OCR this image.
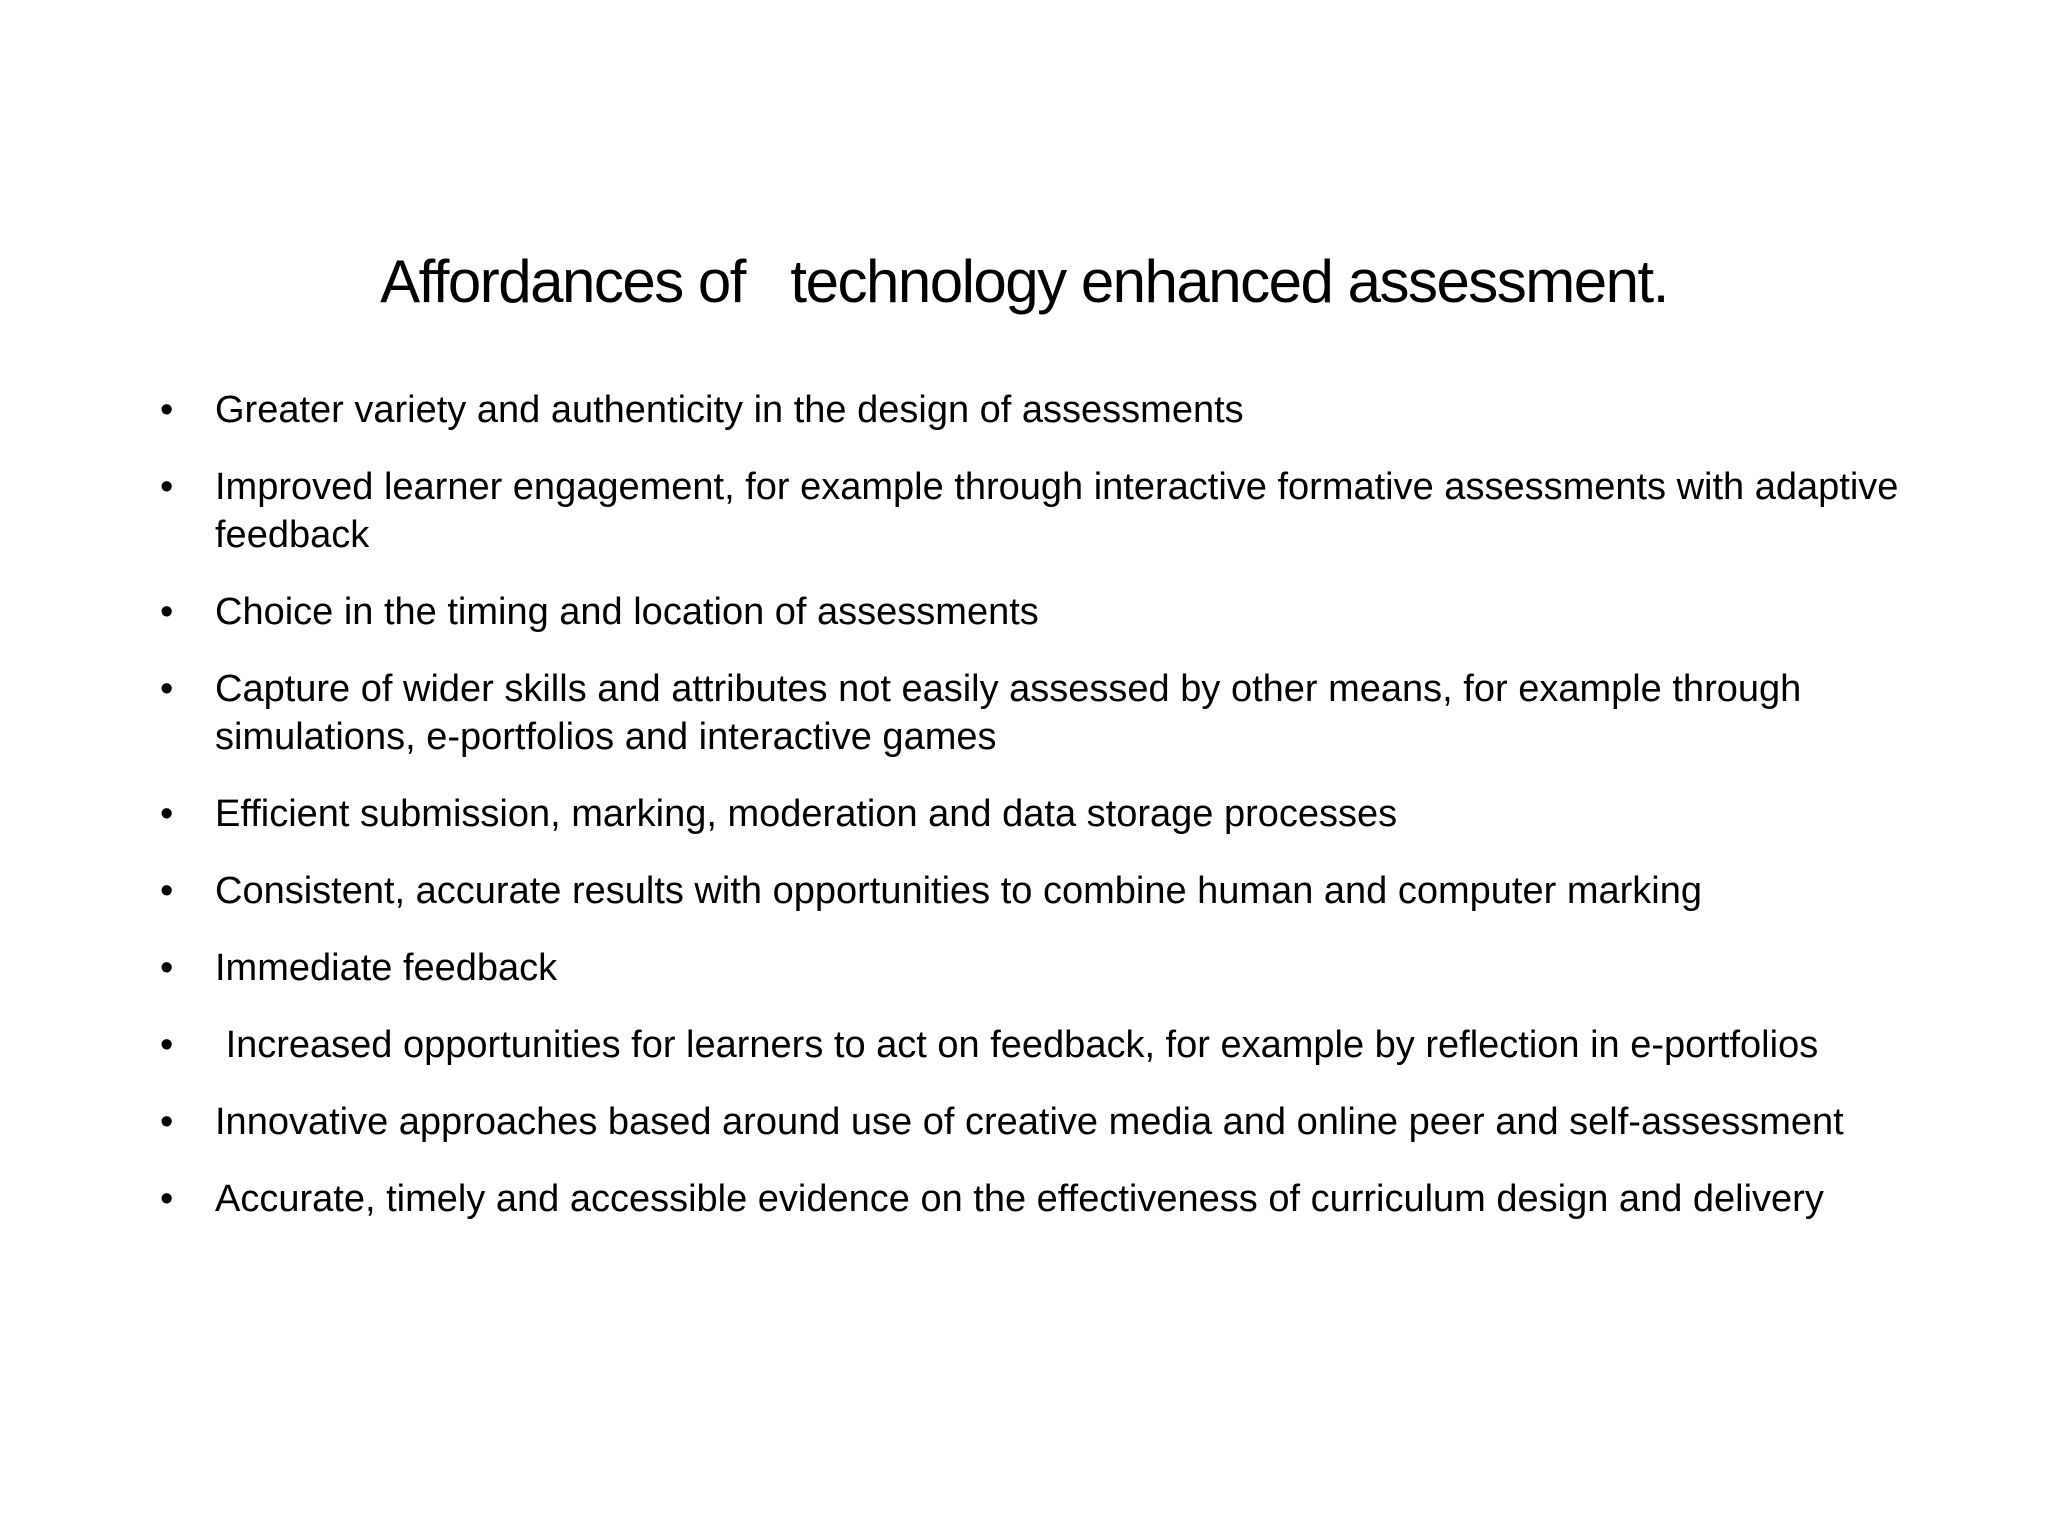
Affordances of   technology enhanced assessment.
• Greater variety and authenticity in the design of assessments
• Improved learner engagement, for example through interactive formative assessments with adaptive feedback
• Choice in the timing and location of assessments
• Capture of wider skills and attributes not easily assessed by other means, for example through simulations, e-portfolios and interactive games
• Efficient submission, marking, moderation and data storage processes
• Consistent, accurate results with opportunities to combine human and computer marking
• Immediate feedback
• Increased opportunities for learners to act on feedback, for example by reflection in e-portfolios
• Innovative approaches based around use of creative media and online peer and self-assessment
• Accurate, timely and accessible evidence on the effectiveness of curriculum design and delivery
